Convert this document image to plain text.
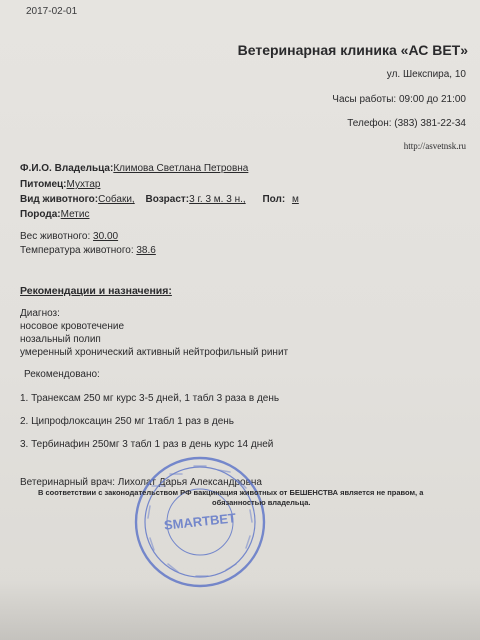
2017-02-01
Ветеринарная клиника «АС ВЕТ»
ул. Шекспира, 10
Часы работы: 09:00 до 21:00
Телефон: (383) 381-22-34
http://asvetnsk.ru
Ф.И.О. Владельца:Климова Светлана Петровна
Питомец:Мухтар
Вид животного:Собаки, Возраст:3 г. 3 м. 3 н., Пол: м
Порода:Метис
Вес животного: 30.00
Температура животного: 38.6
Рекомендации и назначения:
Диагноз:
носовое кровотечение
нозальный полип
умеренный хронический активный нейтрофильный ринит
Рекомендовано:
1. Транексам 250 мг курс 3-5 дней, 1 табл 3 раза в день
2. Ципрофлоксацин 250 мг 1табл 1 раз в день
3. Тербинафин 250мг 3 табл 1 раз в день курс 14 дней
Ветеринарный врач: Лихолат Дарья Александровна
SMARTВЕТ
В соответствии с законодательством РФ вакцинация животных от БЕШЕНСТВА является не правом, а
обязанностью владельца.
